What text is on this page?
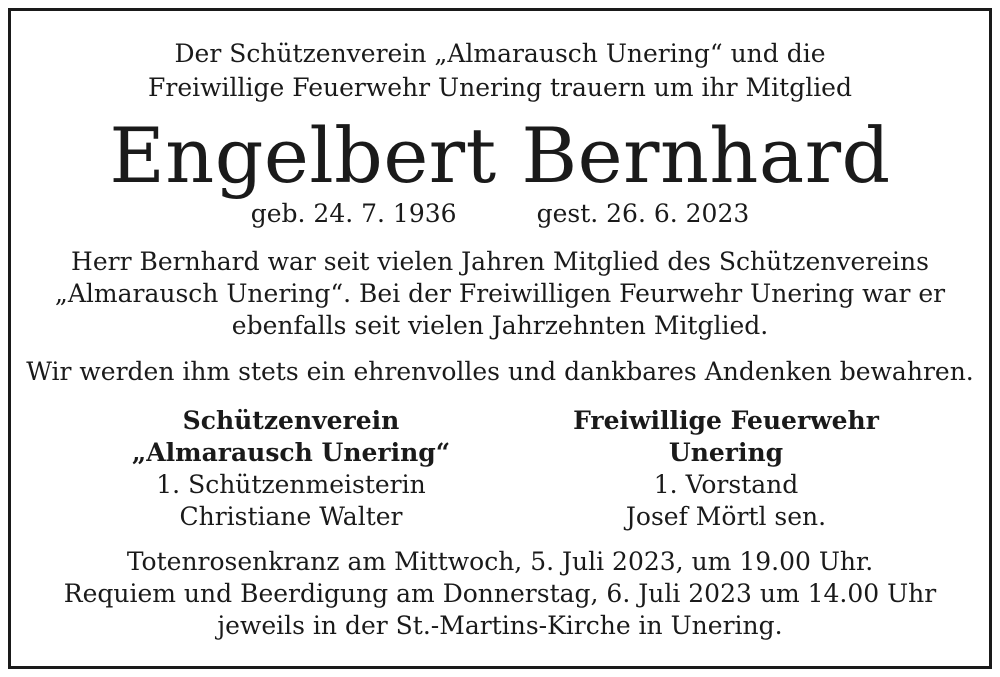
Der Schützenverein „Almarausch Unering“ und die
Freiwillige Feuerwehr Unering trauern um ihr Mitglied
Engelbert Bernhard
geb. 24. 7. 1936	gest. 26. 6. 2023
Herr Bernhard war seit vielen Jahren Mitglied des Schützenvereins
„Almarausch Unering“. Bei der Freiwilligen Feurwehr Unering war er
ebenfalls seit vielen Jahrzehnten Mitglied.
Wir werden ihm stets ein ehrenvolles und dankbares Andenken bewahren.
Schützenverein
„Almarausch Unering“
1. Schützenmeisterin
Christiane Walter
Freiwillige Feuerwehr
Unering
1. Vorstand
Josef Mörtl sen.
Totenrosenkranz am Mittwoch, 5. Juli 2023, um 19.00 Uhr.
Requiem und Beerdigung am Donnerstag, 6. Juli 2023 um 14.00 Uhr
jeweils in der St.-Martins-Kirche in Unering.
